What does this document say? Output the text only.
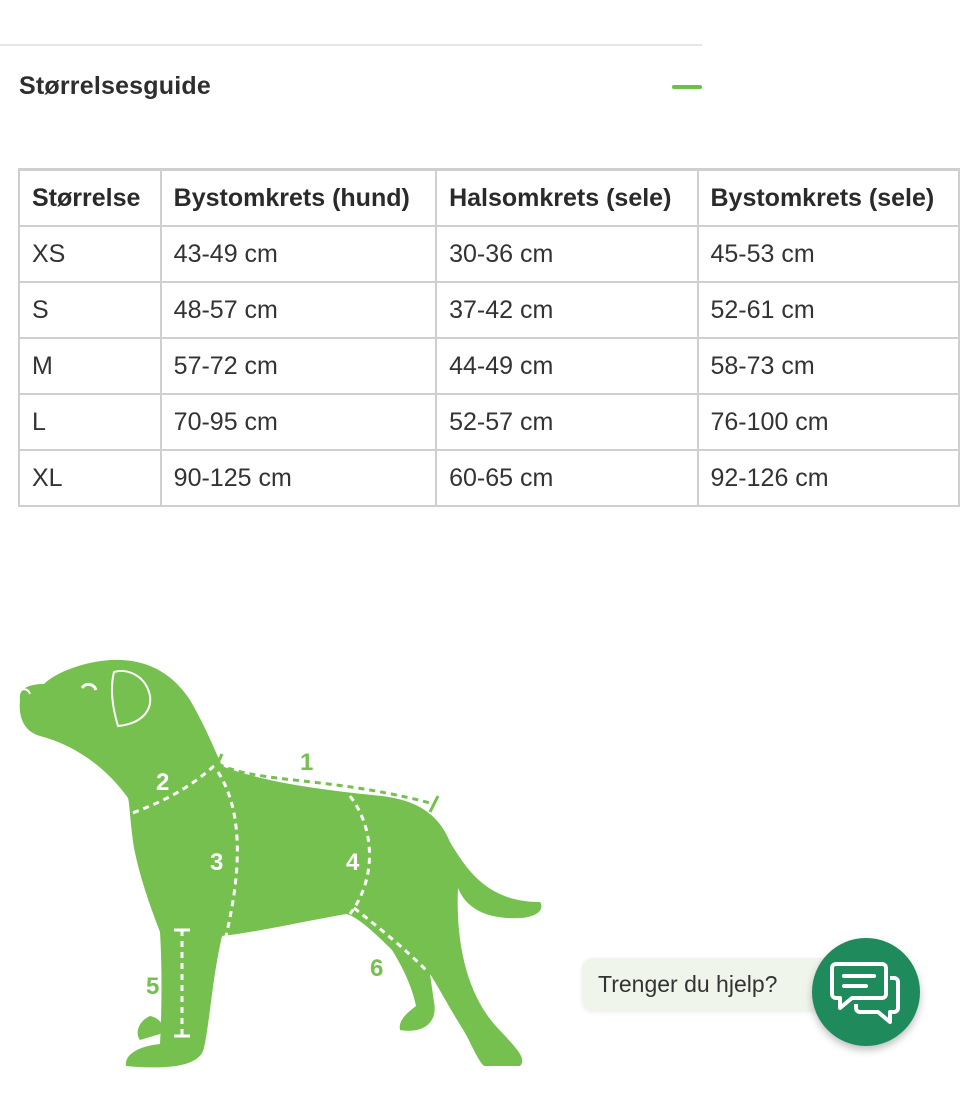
Størrelsesguide
Størrelse	Bystomkrets (hund)	Halsomkrets (sele)	Bystomkrets (sele)
XS	43-49 cm	30-36 cm	45-53 cm
S	48-57 cm	37-42 cm	52-61 cm
M	57-72 cm	44-49 cm	58-73 cm
L	70-95 cm	52-57 cm	76-100 cm
XL	90-125 cm	60-65 cm	92-126 cm
1
2
3	4
5
6
Trenger du hjelp?
